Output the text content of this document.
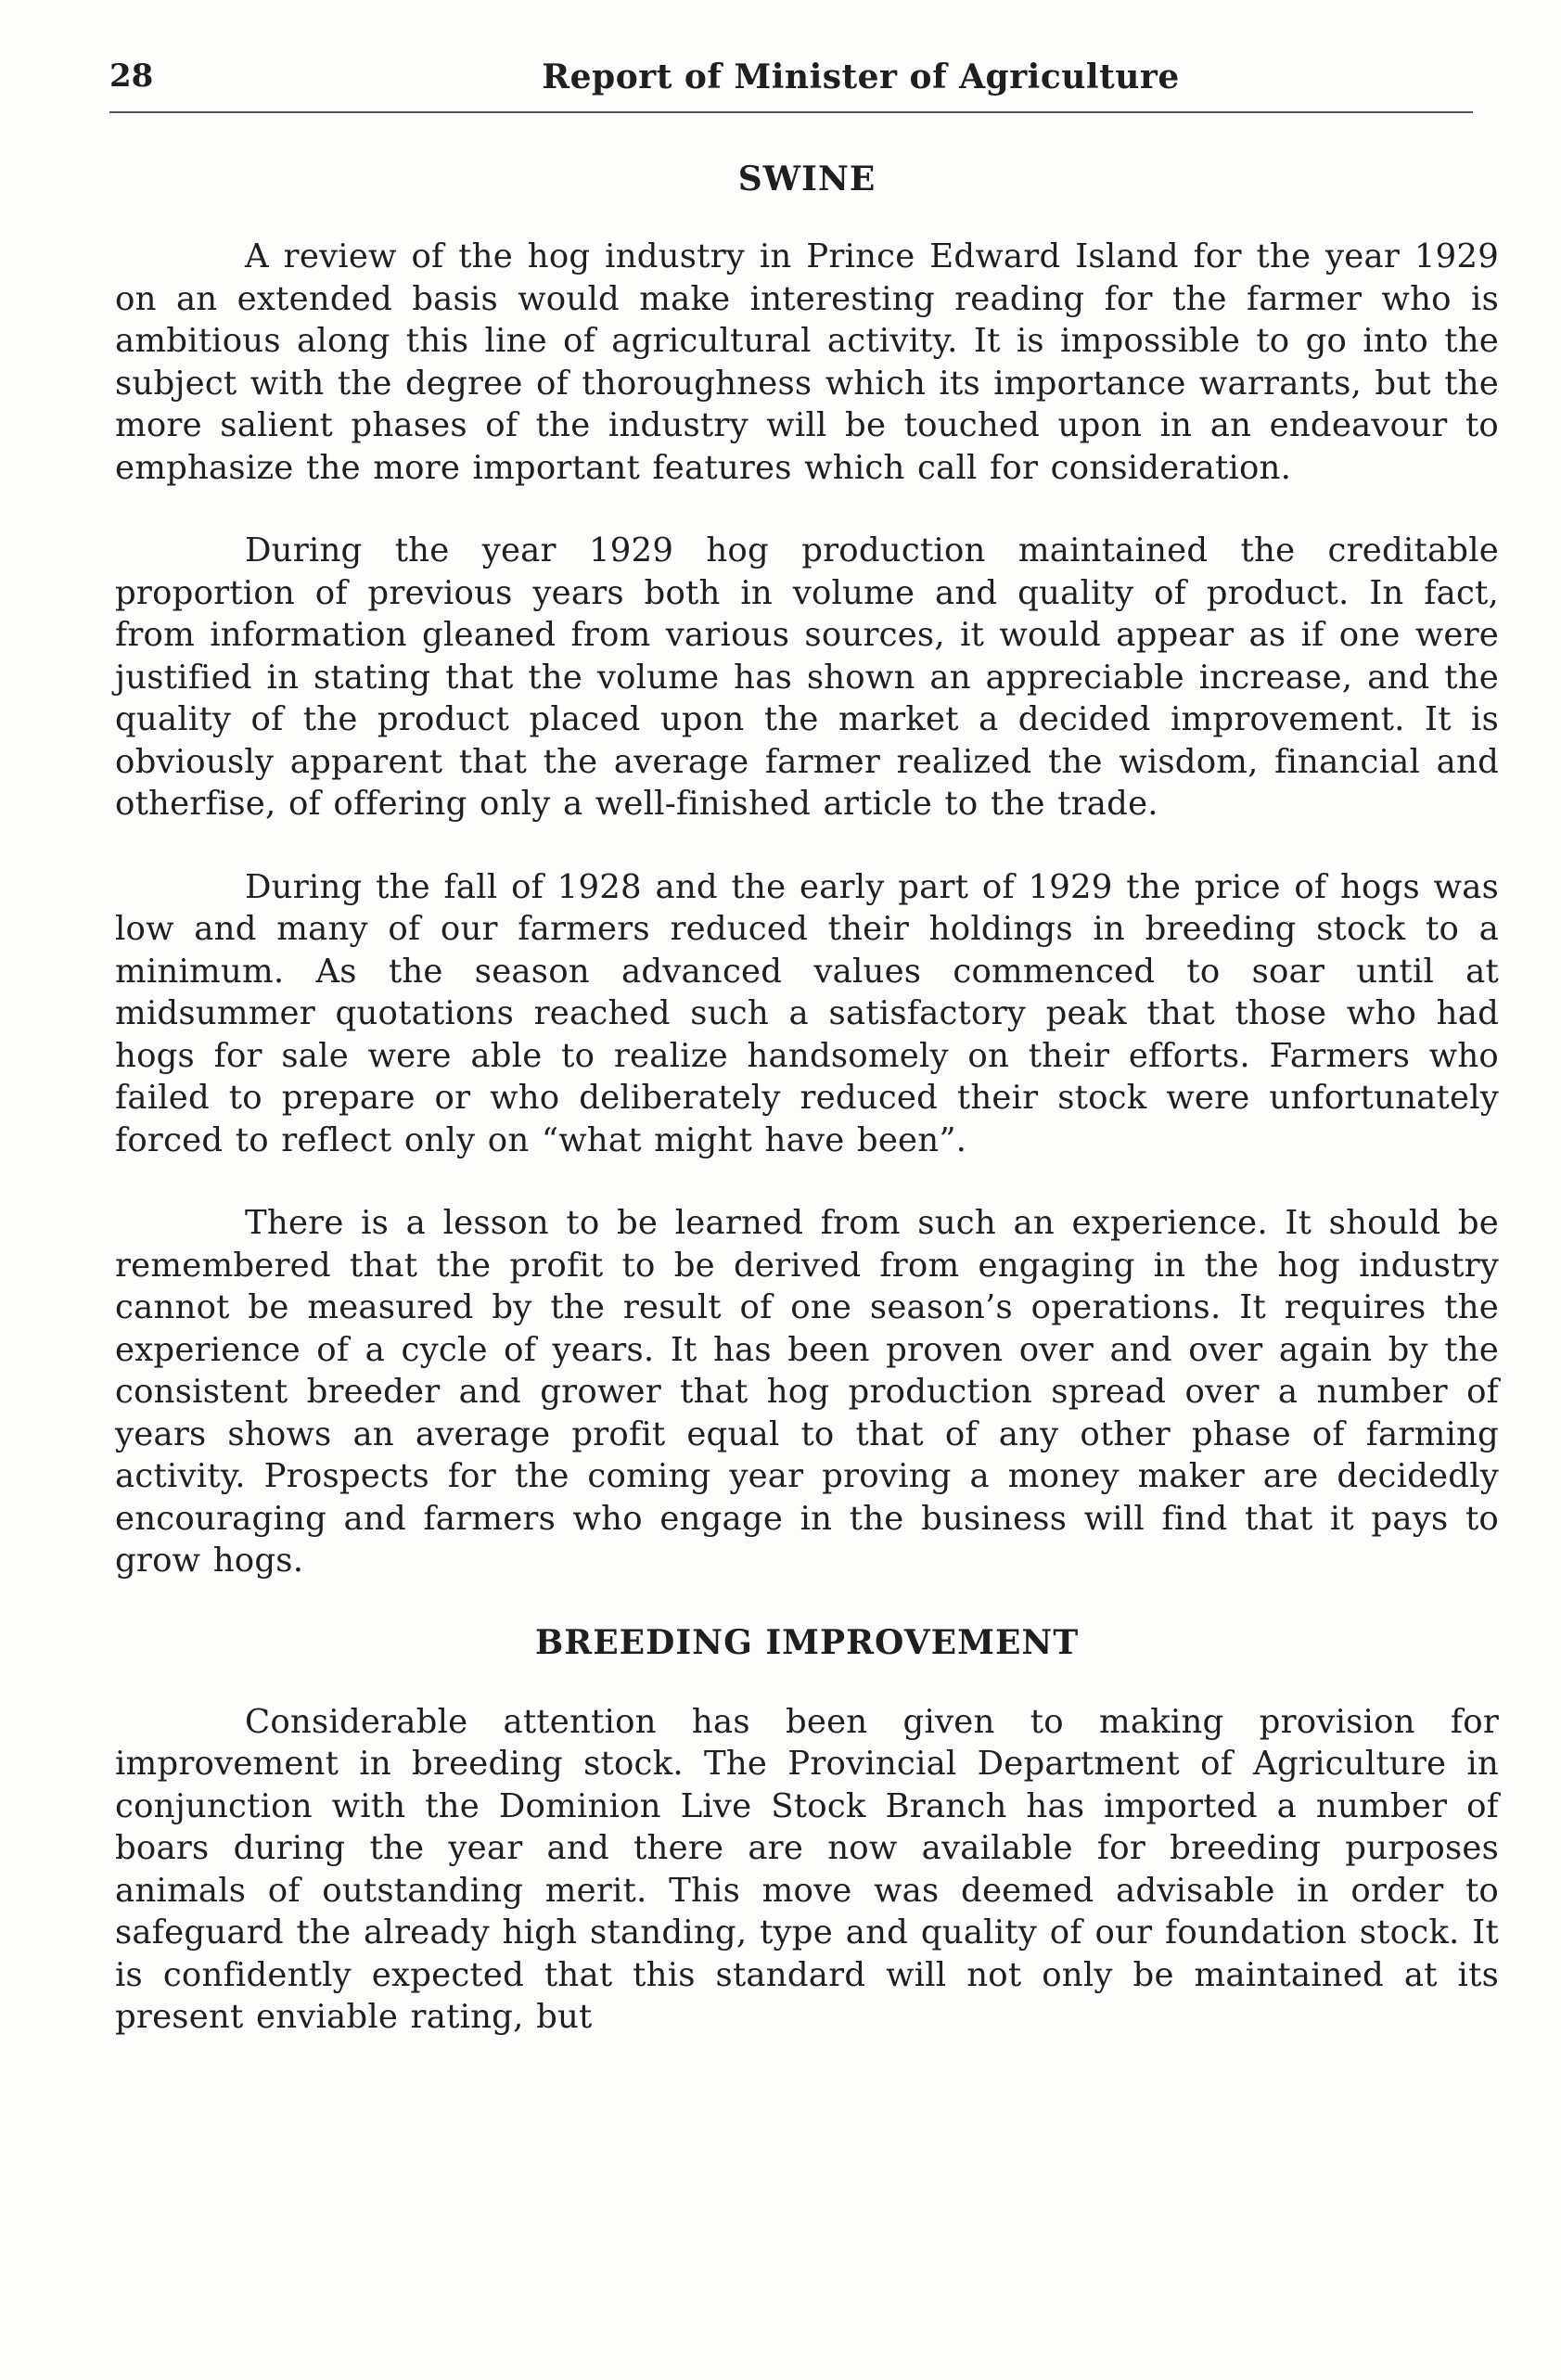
28	Report of Minister of Agriculture
SWINE

A review of the hog industry in Prince Edward Island for the year 1929 on an extended basis would make interesting reading for the farmer who is ambitious along this line of agricultural activity. It is impossible to go into the subject with the degree of thoroughness which its importance warrants, but the more salient phases of the industry will be touched upon in an endeavour to emphasize the more important features which call for consideration.

During the year 1929 hog production maintained the creditable proportion of previous years both in volume and quality of product. In fact, from information gleaned from various sources, it would appear as if one were justified in stating that the volume has shown an appreciable increase, and the quality of the product placed upon the market a decided improvement. It is obviously apparent that the average farmer realized the wisdom, financial and otherfise, of offering only a well-finished article to the trade.

During the fall of 1928 and the early part of 1929 the price of hogs was low and many of our farmers reduced their holdings in breeding stock to a minimum. As the season advanced values commenced to soar until at midsummer quotations reached such a satisfactory peak that those who had hogs for sale were able to realize handsomely on their efforts. Farmers who failed to prepare or who deliberately reduced their stock were unfortunately forced to reflect only on “what might have been”.

There is a lesson to be learned from such an experience. It should be remembered that the profit to be derived from engaging in the hog industry cannot be measured by the result of one season’s operations. It requires the experience of a cycle of years. It has been proven over and over again by the consistent breeder and grower that hog production spread over a number of years shows an average profit equal to that of any other phase of farming activity. Prospects for the coming year proving a money maker are decidedly encouraging and farmers who engage in the business will find that it pays to grow hogs.

BREEDING IMPROVEMENT

Considerable attention has been given to making provision for improvement in breeding stock. The Provincial Department of Agriculture in conjunction with the Dominion Live Stock Branch has imported a number of boars during the year and there are now available for breeding purposes animals of outstanding merit. This move was deemed advisable in order to safeguard the already high standing, type and quality of our foundation stock. It is confidently expected that this standard will not only be maintained at its present enviable rating, but
